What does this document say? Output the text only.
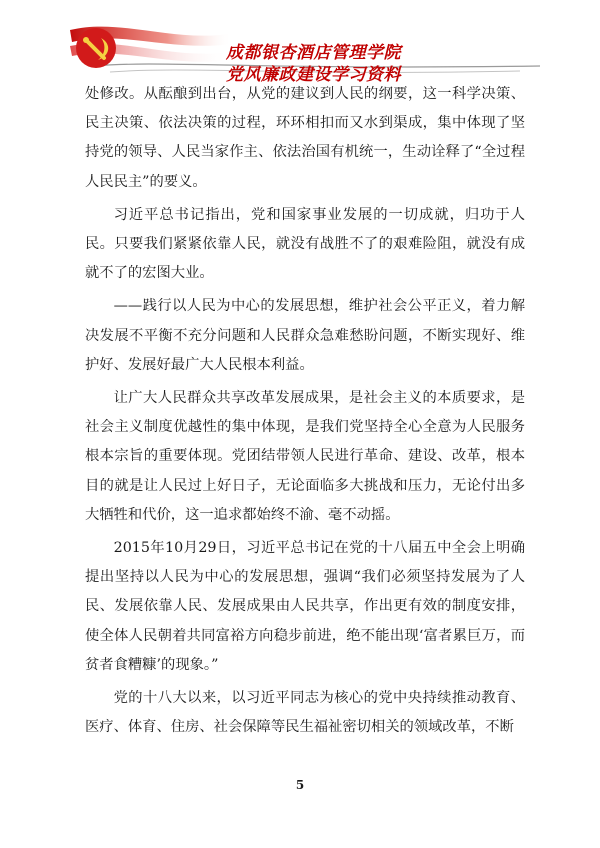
成都银杏酒店管理学院
党风廉政建设学习资料

处修改。从酝酿到出台，从党的建议到人民的纲要，这一科学决策、民主决策、依法决策的过程，环环相扣而又水到渠成，集中体现了坚持党的领导、人民当家作主、依法治国有机统一，生动诠释了“全过程人民民主”的要义。

习近平总书记指出，党和国家事业发展的一切成就，归功于人民。只要我们紧紧依靠人民，就没有战胜不了的艰难险阻，就没有成就不了的宏图大业。

——践行以人民为中心的发展思想，维护社会公平正义，着力解决发展不平衡不充分问题和人民群众急难愁盼问题，不断实现好、维护好、发展好最广大人民根本利益。

让广大人民群众共享改革发展成果，是社会主义的本质要求，是社会主义制度优越性的集中体现，是我们党坚持全心全意为人民服务根本宗旨的重要体现。党团结带领人民进行革命、建设、改革，根本目的就是让人民过上好日子，无论面临多大挑战和压力，无论付出多大牺牲和代价，这一追求都始终不渝、毫不动摇。

2015年10月29日，习近平总书记在党的十八届五中全会上明确提出坚持以人民为中心的发展思想，强调“我们必须坚持发展为了人民、发展依靠人民、发展成果由人民共享，作出更有效的制度安排，使全体人民朝着共同富裕方向稳步前进，绝不能出现‘富者累巨万，而贫者食糟糠’的现象。”

党的十八大以来，以习近平同志为核心的党中央持续推动教育、医疗、体育、住房、社会保障等民生福祉密切相关的领域改革，不断

5
